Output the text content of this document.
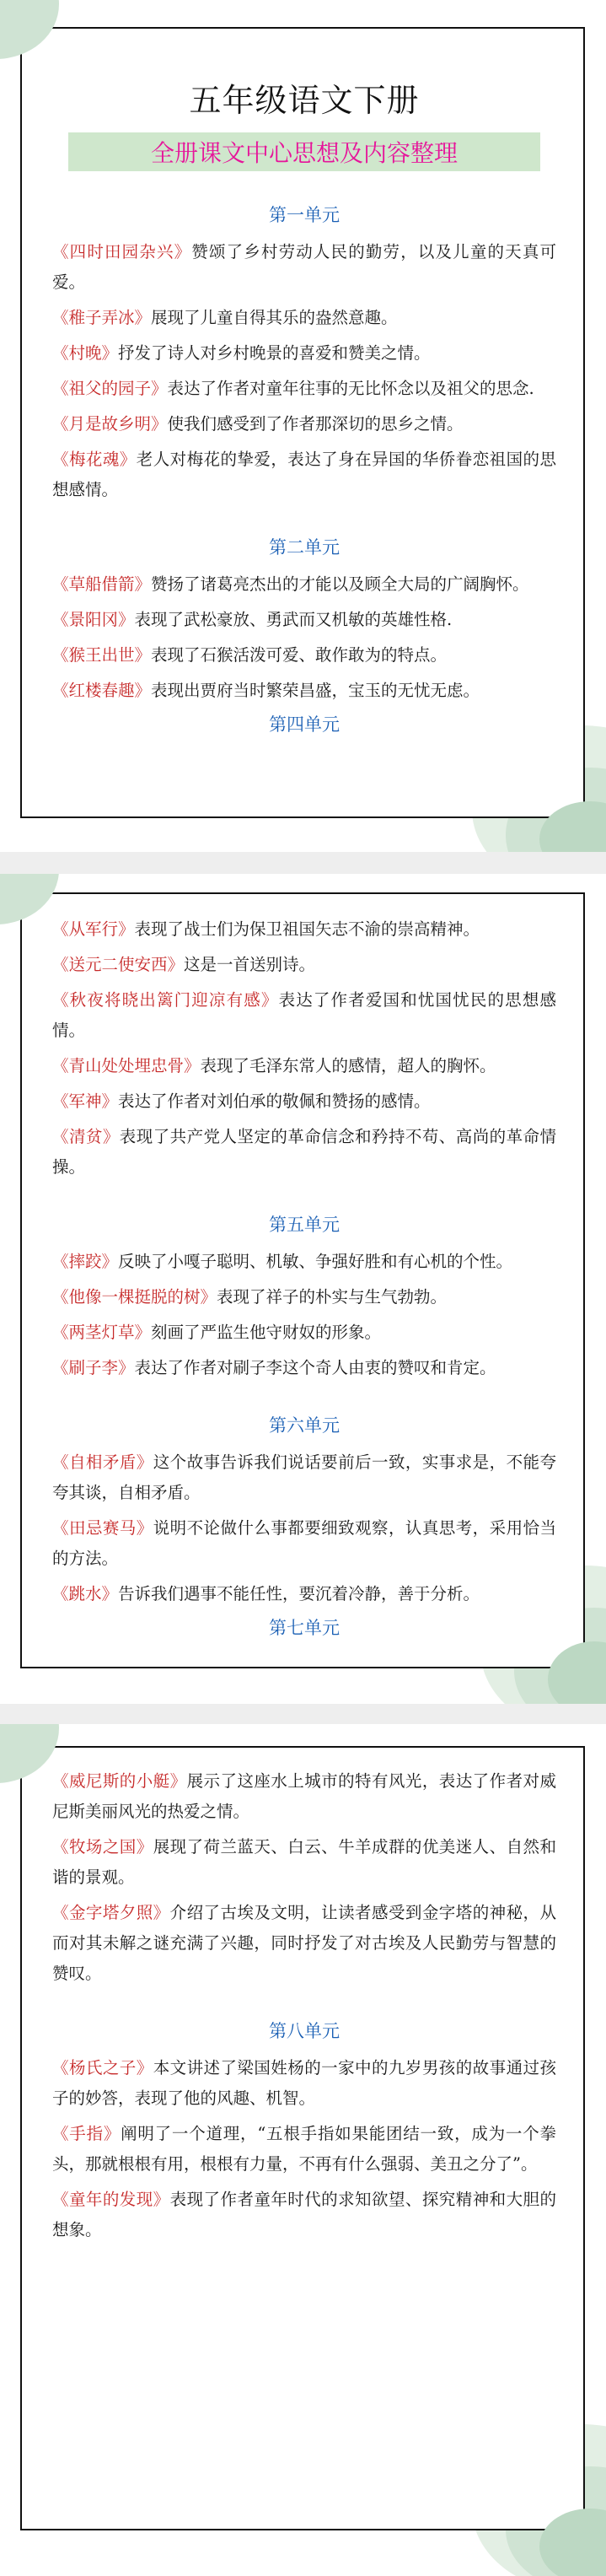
五年级语文下册
全册课文中心思想及内容整理
第一单元

《四时田园杂兴》赞颂了乡村劳动人民的勤劳，以及儿童的天真可爱。

《稚子弄冰》展现了儿童自得其乐的盎然意趣。

《村晚》抒发了诗人对乡村晚景的喜爱和赞美之情。

《祖父的园子》表达了作者对童年往事的无比怀念以及祖父的思念.

《月是故乡明》使我们感受到了作者那深切的思乡之情。

《梅花魂》老人对梅花的挚爱，表达了身在异国的华侨眷恋祖国的思想感情。

第二单元

《草船借箭》赞扬了诸葛亮杰出的才能以及顾全大局的广阔胸怀。

《景阳冈》表现了武松豪放、勇武而又机敏的英雄性格.

《猴王出世》表现了石猴活泼可爱、敢作敢为的特点。

《红楼春趣》表现出贾府当时繁荣昌盛，宝玉的无忧无虑。

第四单元

《从军行》表现了战士们为保卫祖国矢志不渝的崇高精神。

《送元二使安西》这是一首送别诗。

《秋夜将晓出篱门迎凉有感》表达了作者爱国和忧国忧民的思想感情。

《青山处处埋忠骨》表现了毛泽东常人的感情，超人的胸怀。

《军神》表达了作者对刘伯承的敬佩和赞扬的感情。

《清贫》表现了共产党人坚定的革命信念和矜持不苟、高尚的革命情操。

第五单元

《摔跤》反映了小嘎子聪明、机敏、争强好胜和有心机的个性。

《他像一棵挺脱的树》表现了祥子的朴实与生气勃勃。

《两茎灯草》刻画了严监生他守财奴的形象。

《刷子李》表达了作者对刷子李这个奇人由衷的赞叹和肯定。

第六单元

《自相矛盾》这个故事告诉我们说话要前后一致，实事求是，不能夸夸其谈，自相矛盾。

《田忌赛马》说明不论做什么事都要细致观察，认真思考，采用恰当的方法。

《跳水》告诉我们遇事不能任性，要沉着冷静，善于分析。

第七单元

《威尼斯的小艇》展示了这座水上城市的特有风光，表达了作者对威尼斯美丽风光的热爱之情。

《牧场之国》展现了荷兰蓝天、白云、牛羊成群的优美迷人、自然和谐的景观。

《金字塔夕照》介绍了古埃及文明，让读者感受到金字塔的神秘，从而对其未解之谜充满了兴趣，同时抒发了对古埃及人民勤劳与智慧的赞叹。

第八单元

《杨氏之子》本文讲述了梁国姓杨的一家中的九岁男孩的故事通过孩子的妙答，表现了他的风趣、机智。

《手指》阐明了一个道理，“五根手指如果能团结一致，成为一个拳头，那就根根有用，根根有力量，不再有什么强弱、美丑之分了”。

《童年的发现》表现了作者童年时代的求知欲望、探究精神和大胆的想象。
